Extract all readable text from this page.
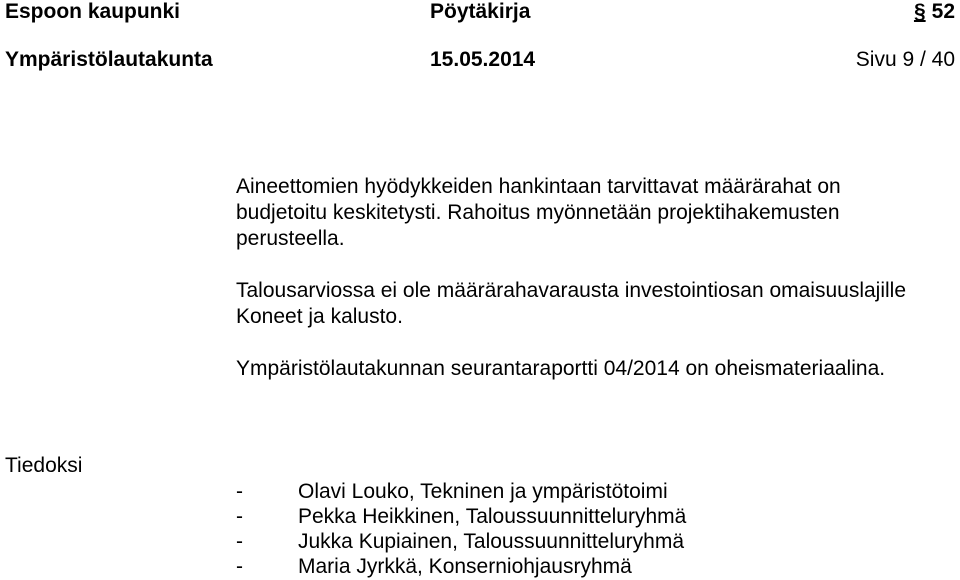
Espoon kaupunki	Pöytäkirja	§ 52
Ympäristölautakunta	15.05.2014	Sivu 9 / 40
Aineettomien hyödykkeiden hankintaan tarvittavat määrärahat on
budjetoitu keskitetysti. Rahoitus myönnetään projektihakemusten
perusteella.
Talousarviossa ei ole määrärahavarausta investointiosan omaisuuslajille
Koneet ja kalusto.
Ympäristölautakunnan seurantaraportti 04/2014 on oheismateriaalina.
Tiedoksi
-	Olavi Louko, Tekninen ja ympäristötoimi
-	Pekka Heikkinen, Taloussuunnitteluryhmä
-	Jukka Kupiainen, Taloussuunnitteluryhmä
-	Maria Jyrkkä, Konserniohjausryhmä
